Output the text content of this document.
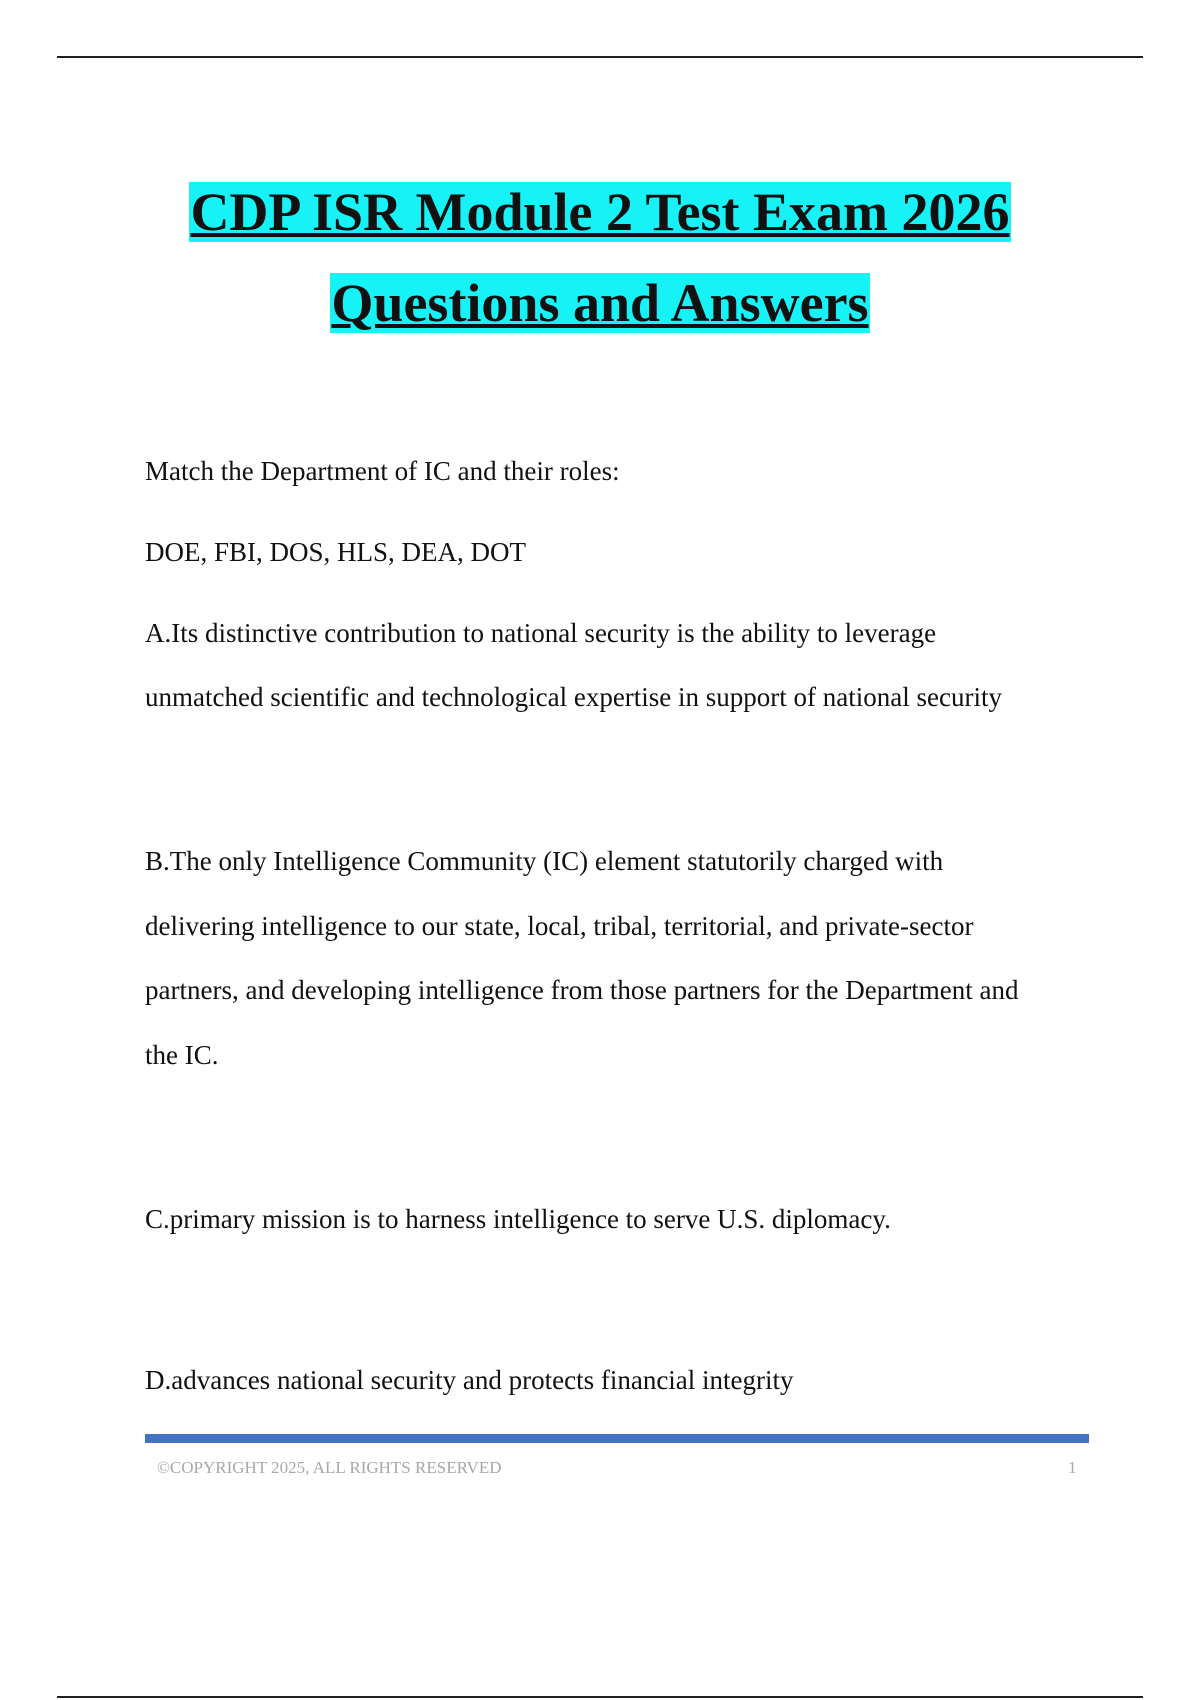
CDP ISR Module 2 Test Exam 2026
Questions and Answers
Match the Department of IC and their roles:
DOE, FBI, DOS, HLS, DEA, DOT
A.Its distinctive contribution to national security is the ability to leverage
unmatched scientific and technological expertise in support of national security
B.The only Intelligence Community (IC) element statutorily charged with
delivering intelligence to our state, local, tribal, territorial, and private-sector
partners, and developing intelligence from those partners for the Department and
the IC.
C.primary mission is to harness intelligence to serve U.S. diplomacy.
D.advances national security and protects financial integrity
©COPYRIGHT 2025, ALL RIGHTS RESERVED	1
